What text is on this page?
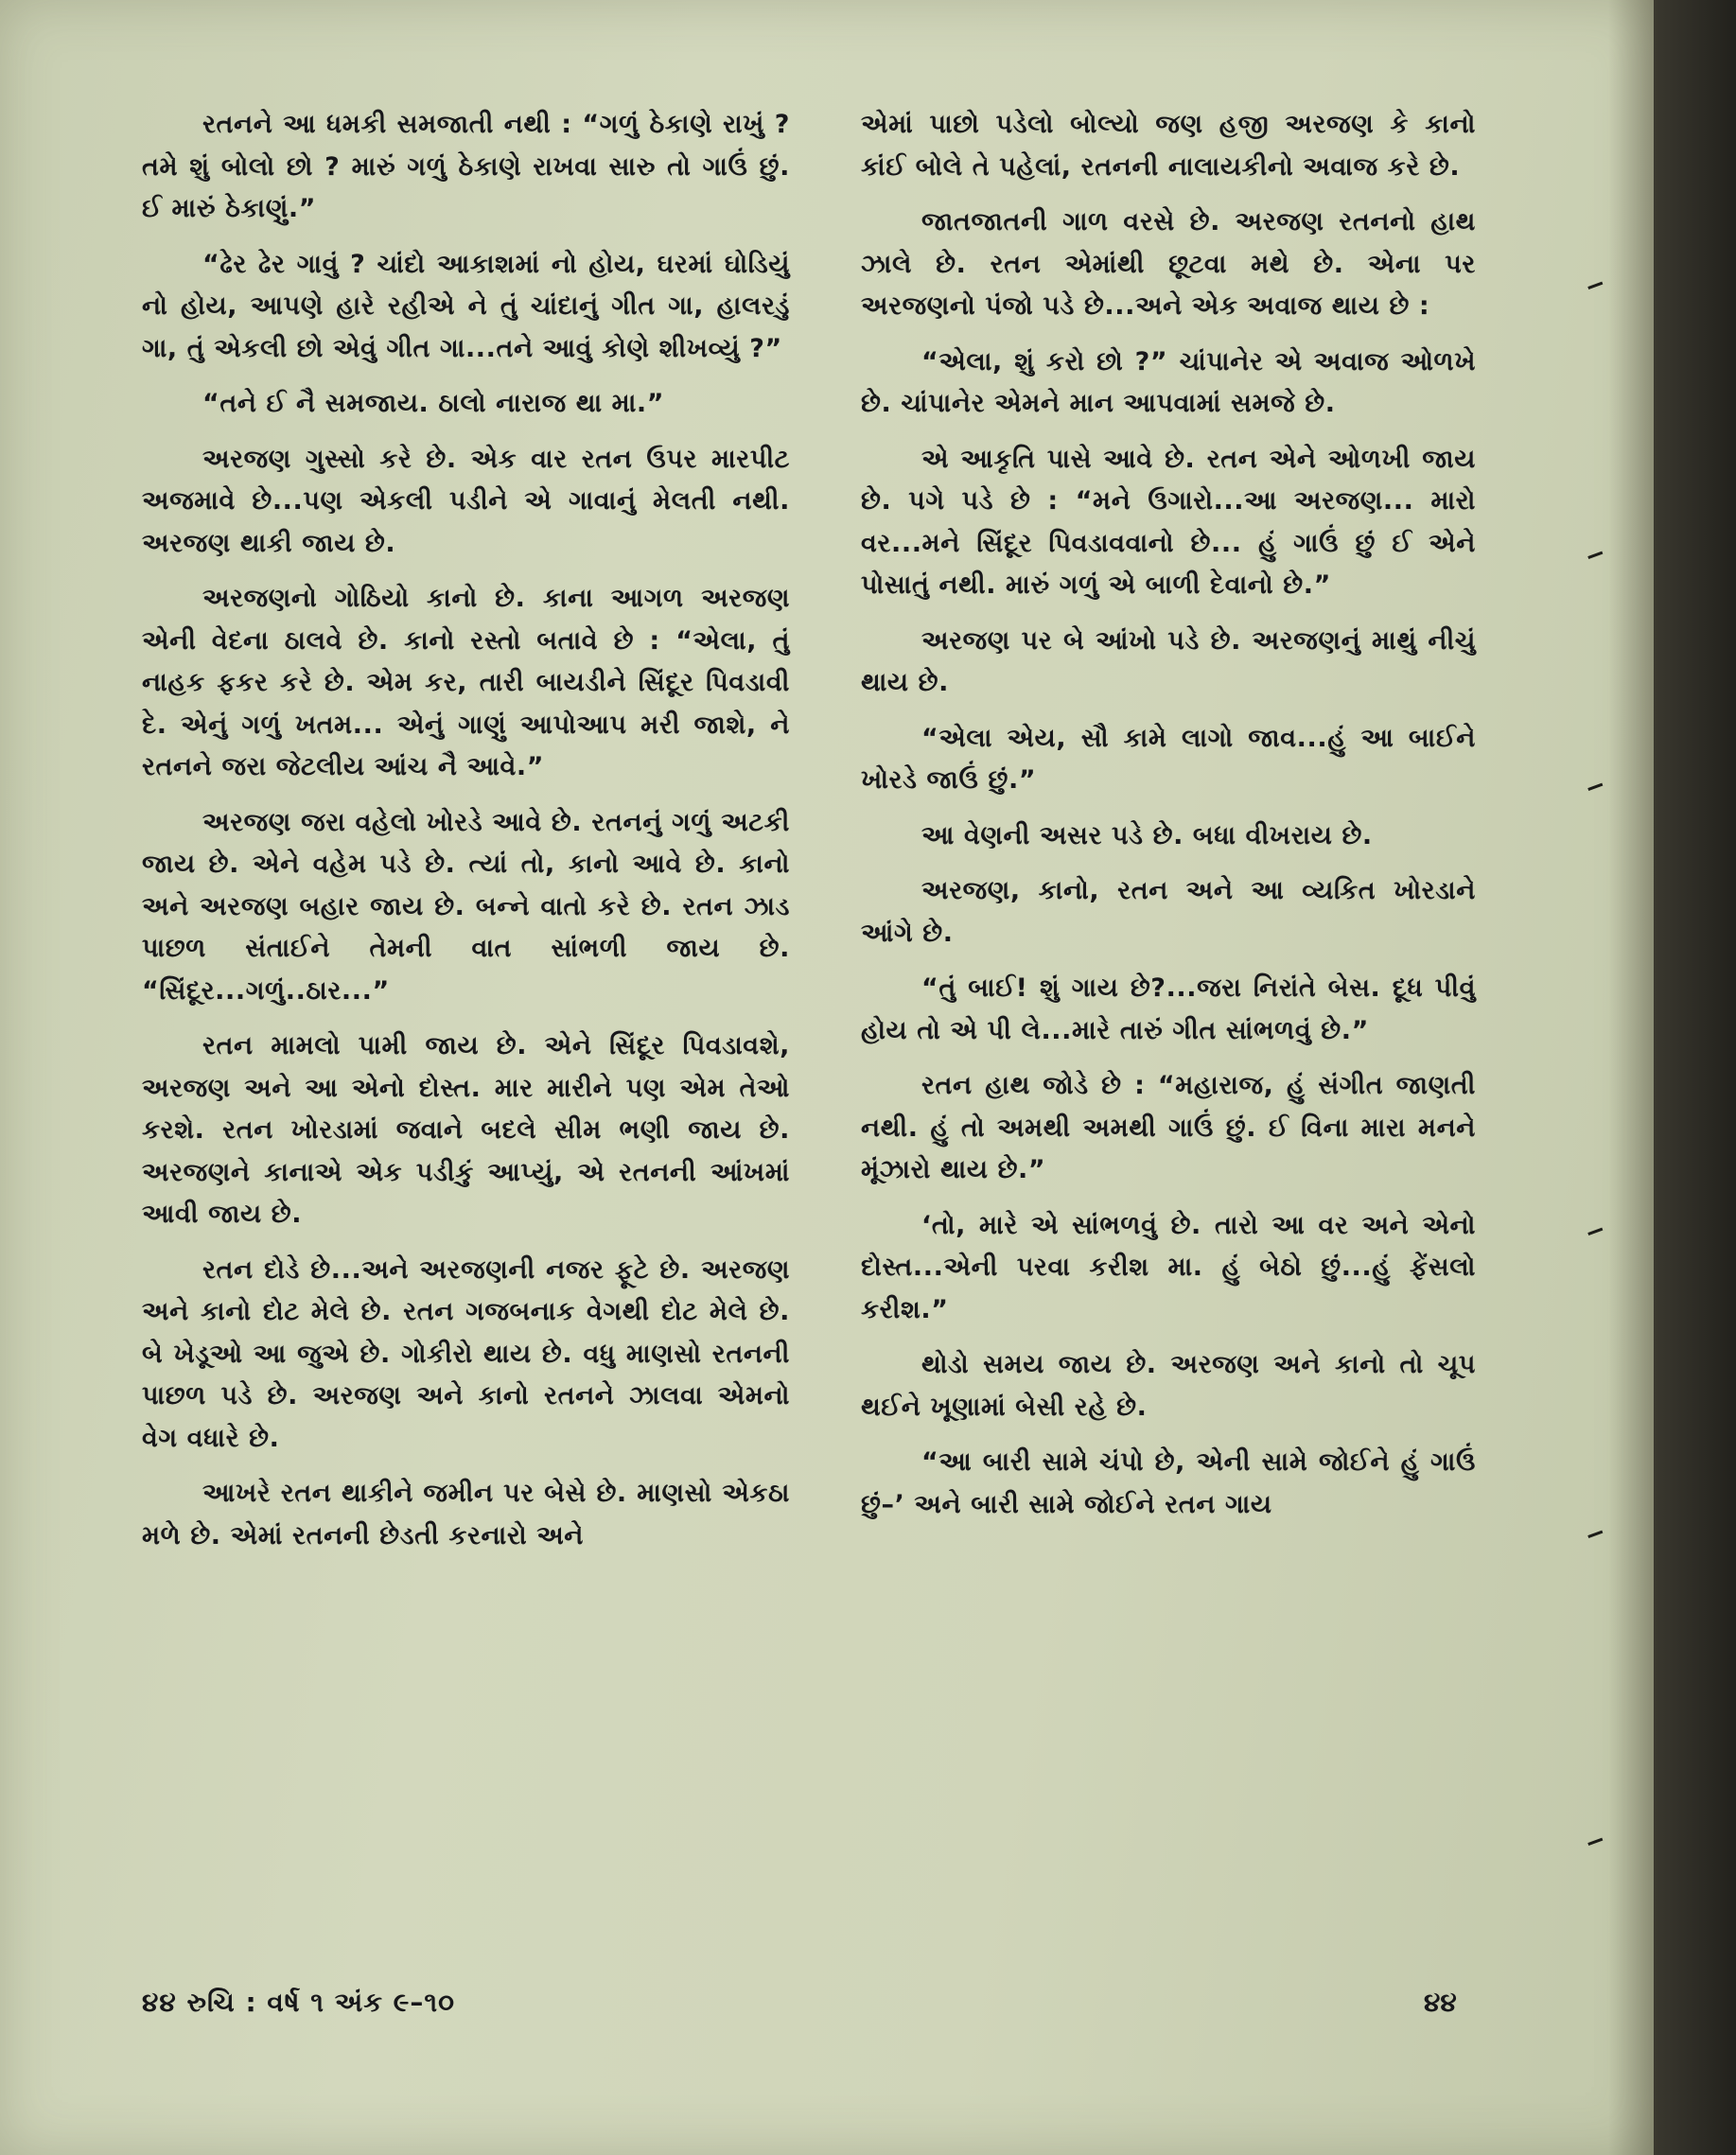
રતનને આ ધમકી સમજાતી નથી : “ગળું ઠેકાણે રાખું ? તમે શું બોલો છો ? મારું ગળું ઠેકાણે રાખવા સારુ તો ગાઉં છું. ઈ મારું ઠેકાણું.”

“ઢેર ઢેર ગાવું ? ચાંદો આકાશમાં નો હોય, ઘરમાં ઘોડિયું નો હોય, આપણે હારે રહીએ ને તું ચાંદાનું ગીત ગા, હાલરડું ગા, તું એકલી છો એવું ગીત ગા...તને આવું કોણે શીખવ્યું ?”

“તને ઈ નૈ સમજાય. ઠાલો નારાજ થા મા.”

અરજણ ગુસ્સો કરે છે. એક વાર રતન ઉપર મારપીટ અજમાવે છે...પણ એકલી પડીને એ ગાવાનું મેલતી નથી. અરજણ થાકી જાય છે.

અરજણનો ગોઠિયો કાનો છે. કાના આગળ અરજણ એની વેદના ઠાલવે છે. કાનો રસ્તો બતાવે છે : “એલા, તું નાહક ફકર કરે છે. એમ કર, તારી બાયડીને સિંદૂર પિવડાવી દે. એનું ગળું ખતમ... એનું ગાણું આપોઆપ મરી જાશે, ને રતનને જરા જેટલીય આંચ નૈ આવે.”

અરજણ જરા વહેલો ખોરડે આવે છે. રતનનું ગળું અટકી જાય છે. એને વહેમ પડે છે. ત્યાં તો, કાનો આવે છે. કાનો અને અરજણ બહાર જાય છે. બન્ને વાતો કરે છે. રતન ઝાડ પાછળ સંતાઈને તેમની વાત સાંભળી જાય છે. “સિંદૂર...ગળું..ઠાર...”

રતન મામલો પામી જાય છે. એને સિંદૂર પિવડાવશે, અરજણ અને આ એનો દોસ્ત. માર મારીને પણ એમ તેઓ કરશે. રતન ખોરડામાં જવાને બદલે સીમ ભણી જાય છે. અરજણને કાનાએ એક પડીકું આપ્યું, એ રતનની આંખમાં આવી જાય છે.

રતન દોડે છે...અને અરજણની નજર ફૂટે છે. અરજણ અને કાનો દોટ મેલે છે. રતન ગજબનાક વેગથી દોટ મેલે છે. બે ખેડૂઓ આ જુએ છે. ગોકીરો થાય છે. વધુ માણસો રતનની પાછળ પડે છે. અરજણ અને કાનો રતનને ઝાલવા એમનો વેગ વધારે છે.

આખરે રતન થાકીને જમીન પર બેસે છે. માણસો એકઠા મળે છે. એમાં રતનની છેડતી કરનારો અને

એમાં પાછો પડેલો બોલ્યો જણ હજી અરજણ કે કાનો કાંઈ બોલે તે પહેલાં, રતનની નાલાયકીનો અવાજ કરે છે.

જાતજાતની ગાળ વરસે છે. અરજણ રતનનો હાથ ઝાલે છે. રતન એમાંથી છૂટવા મથે છે. એના પર અરજણનો પંજો પડે છે...અને એક અવાજ થાય છે :

“એલા, શું કરો છો ?” ચાંપાનેર એ અવાજ ઓળખે છે. ચાંપાનેર એમને માન આપવામાં સમજે છે.

એ આકૃતિ પાસે આવે છે. રતન એને ઓળખી જાય છે. પગે પડે છે : “મને ઉગારો...આ અરજણ... મારો વર...મને સિંદૂર પિવડાવવાનો છે... હું ગાઉં છું ઈ એને પોસાતું નથી. મારું ગળું એ બાળી દેવાનો છે.”

અરજણ પર બે આંખો પડે છે. અરજણનું માથું નીચું થાય છે.

“એલા એય, સૌ કામે લાગો જાવ...હું આ બાઈને ખોરડે જાઉં છું.”

આ વેણની અસર પડે છે. બધા વીખરાય છે.

અરજણ, કાનો, રતન અને આ વ્યકિત ખોરડાને આંગે છે.

“તું બાઈ! શું ગાય છે?...જરા નિરાંતે બેસ. દૂધ પીવું હોય તો એ પી લે...મારે તારું ગીત સાંભળવું છે.”

રતન હાથ જોડે છે : “મહારાજ, હું સંગીત જાણતી નથી. હું તો અમથી અમથી ગાઉં છું. ઈ વિના મારા મનને મૂંઝારો થાય છે.”

‘તો, મારે એ સાંભળવું છે. તારો આ વર અને એનો દોસ્ત...એની પરવા કરીશ મા. હું બેઠો છું...હું ફેંસલો કરીશ.”

થોડો સમય જાય છે. અરજણ અને કાનો તો ચૂપ થઈને ખૂણામાં બેસી રહે છે.

“આ બારી સામે ચંપો છે, એની સામે જોઈને હું ગાઉં છું–’ અને બારી સામે જોઈને રતન ગાય

૪૪ રુચિ : વર્ષ ૧ અંક ૯–૧૦	૪૪
